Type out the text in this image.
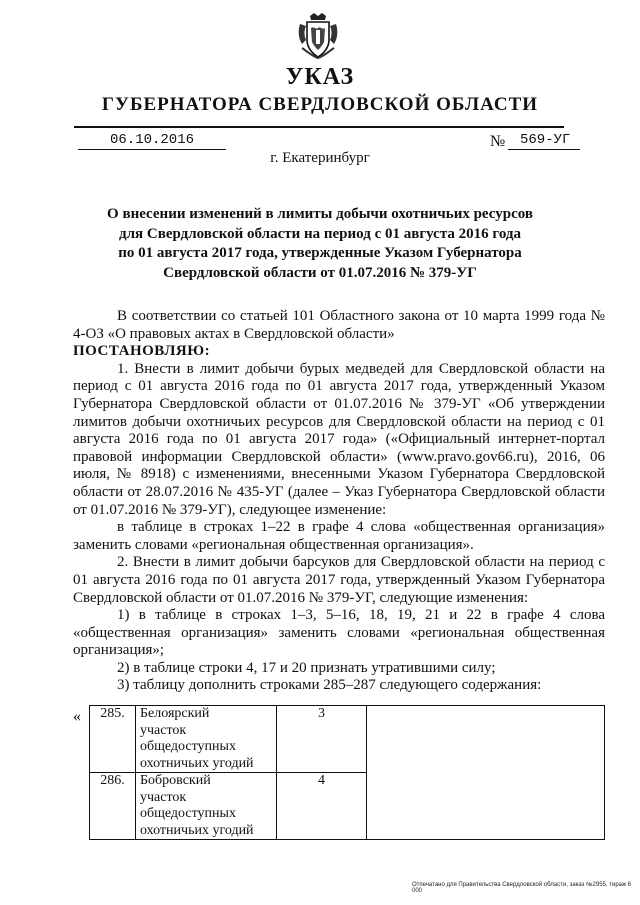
УКАЗ
ГУБЕРНАТОРА СВЕРДЛОВСКОЙ ОБЛАСТИ
06.10.2016	№ 569-УГ
г. Екатеринбург
О внесении изменений в лимиты добычи охотничьих ресурсов
для Свердловской области на период с 01 августа 2016 года
по 01 августа 2017 года, утвержденные Указом Губернатора
Свердловской области от 01.07.2016 № 379-УГ

В соответствии со статьей 101 Областного закона от 10 марта 1999 года № 4-ОЗ «О правовых актах в Свердловской области»

ПОСТАНОВЛЯЮ:

1. Внести в лимит добычи бурых медведей для Свердловской области на период с 01 августа 2016 года по 01 августа 2017 года, утвержденный Указом Губернатора Свердловской области от 01.07.2016 № 379-УГ «Об утверждении лимитов добычи охотничьих ресурсов для Свердловской области на период с 01 августа 2016 года по 01 августа 2017 года» («Официальный интернет-портал правовой информации Свердловской области» (www.pravo.gov66.ru), 2016, 06 июля, № 8918) с изменениями, внесенными Указом Губернатора Свердловской области от 28.07.2016 № 435-УГ (далее – Указ Губернатора Свердловской области от 01.07.2016 № 379-УГ), следующее изменение:

в таблице в строках 1–22 в графе 4 слова «общественная организация» заменить словами «региональная общественная организация».

2. Внести в лимит добычи барсуков для Свердловской области на период с 01 августа 2016 года по 01 августа 2017 года, утвержденный Указом Губернатора Свердловской области от 01.07.2016 № 379-УГ, следующие изменения:

1) в таблице в строках 1–3, 5–16, 18, 19, 21 и 22 в графе 4 слова «общественная организация» заменить словами «региональная общественная организация»;

2) в таблице строки 4, 17 и 20 признать утратившими силу;

3) таблицу дополнить строками 285–287 следующего содержания:

« 285.	Белоярский
участок
общедоступных
охотничьих угодий	3	
286.	Бобровский
участок
общедоступных
охотничьих угодий	4	
Отпечатано для Правительства Свердловской области, заказ №2955, тираж 6 000
